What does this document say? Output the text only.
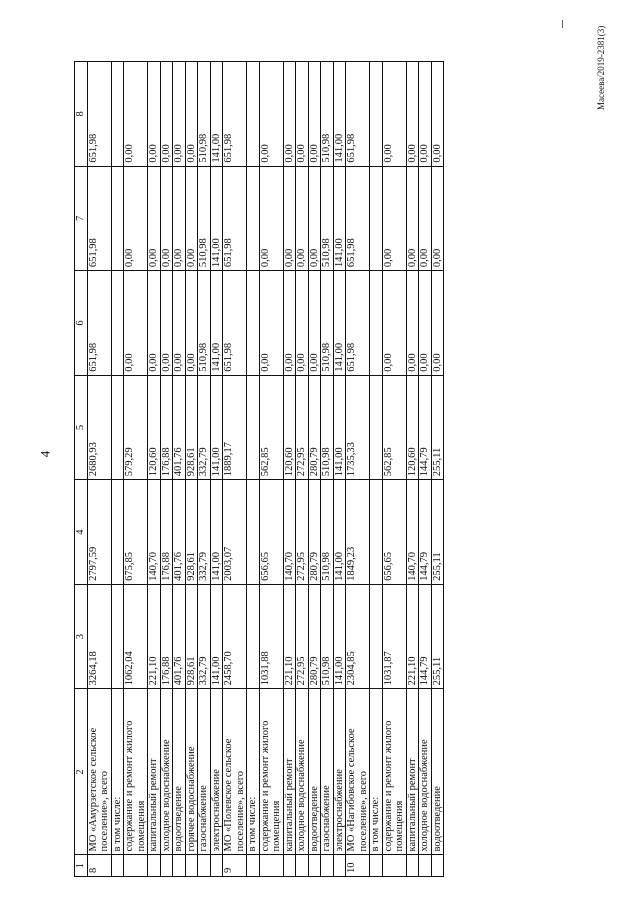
4
Масеева/2019-2381(3)
1	2	3	4	5	6	7	8
8	МО «Амурзетское сельское поселение», всего	3264,18	2797,59	2680,93	651,98	651,98	651,98
	в том числе:						
	содержание и ремонт жилого помещения	1062,04	675,85	579,29	0,00	0,00	0,00
	капитальный ремонт	221,10	140,70	120,60	0,00	0,00	0,00
	холодное водоснабжение	176,88	176,88	176,88	0,00	0,00	0,00
	водоотведение	401,76	401,76	401,76	0,00	0,00	0,00
	горячее водоснабжение	928,61	928,61	928,61	0,00	0,00	0,00
	газоснабжение	332,79	332,79	332,79	510,98	510,98	510,98
	электроснабжение	141,00	141,00	141,00	141,00	141,00	141,00
9	МО «Полевское сельское поселение», всего	2458,70	2003,07	1889,17	651,98	651,98	651,98
	в том числе:						
	содержание и ремонт жилого помещения	1031,88	656,65	562,85	0,00	0,00	0,00
	капитальный ремонт	221,10	140,70	120,60	0,00	0,00	0,00
	холодное водоснабжение	272,95	272,95	272,95	0,00	0,00	0,00
	водоотведение	280,79	280,79	280,79	0,00	0,00	0,00
	газоснабжение	510,98	510,98	510,98	510,98	510,98	510,98
	электроснабжение	141,00	141,00	141,00	141,00	141,00	141,00
10	МО «Нагибовское сельское поселение», всего	2304,85	1849,23	1735,33	651,98	651,98	651,98
	в том числе:						
	содержание и ремонт жилого помещения	1031,87	656,65	562,85	0,00	0,00	0,00
	капитальный ремонт	221,10	140,70	120,60	0,00	0,00	0,00
	холодное водоснабжение	144,79	144,79	144,79	0,00	0,00	0,00
	водоотведение	255,11	255,11	255,11	0,00	0,00	0,00
